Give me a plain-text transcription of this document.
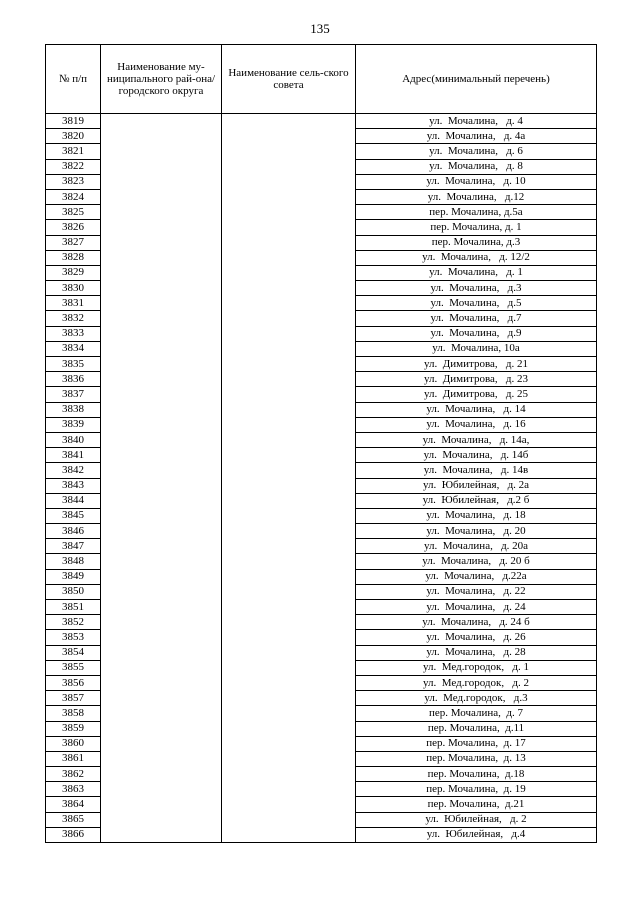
135
№ п/п	Наименование му-ниципального рай-она/ городского округа	Наименование сель-ского совета	Адрес(минимальный перечень)
3819			ул.  Мочалина,   д. 4
3820			ул.  Мочалина,   д. 4а
3821			ул.  Мочалина,   д. 6
3822			ул.  Мочалина,   д. 8
3823			ул.  Мочалина,   д. 10
3824			ул.  Мочалина,   д.12
3825			пер. Мочалина, д.5а
3826			пер. Мочалина, д. 1
3827			пер. Мочалина, д.3
3828			ул.  Мочалина,   д. 12/2
3829			ул.  Мочалина,   д. 1
3830			ул.  Мочалина,   д.3
3831			ул.  Мочалина,   д.5
3832			ул.  Мочалина,   д.7
3833			ул.  Мочалина,   д.9
3834			ул.  Мочалина, 10а
3835			ул.  Димитрова,   д. 21
3836			ул.  Димитрова,   д. 23
3837			ул.  Димитрова,   д. 25
3838			ул.  Мочалина,   д. 14
3839			ул.  Мочалина,   д. 16
3840			ул.  Мочалина,   д. 14а,
3841			ул.  Мочалина,   д. 14б
3842			ул.  Мочалина,   д. 14в
3843			ул.  Юбилейная,   д. 2а
3844			ул.  Юбилейная,   д.2 б
3845			ул.  Мочалина,   д. 18
3846			ул.  Мочалина,   д. 20
3847			ул.  Мочалина,   д. 20а
3848			ул.  Мочалина,   д. 20 б
3849			ул.  Мочалина,   д.22а
3850			ул.  Мочалина,   д. 22
3851			ул.  Мочалина,   д. 24
3852			ул.  Мочалина,   д. 24 б
3853			ул.  Мочалина,   д. 26
3854			ул.  Мочалина,   д. 28
3855			ул.  Мед.городок,   д. 1
3856			ул.  Мед.городок,   д. 2
3857			ул.  Мед.городок,   д.3
3858			пер. Мочалина,  д. 7
3859			пер. Мочалина,  д.11
3860			пер. Мочалина,  д. 17
3861			пер. Мочалина,  д. 13
3862			пер. Мочалина,  д.18
3863			пер. Мочалина,  д. 19
3864			пер. Мочалина,  д.21
3865			ул.  Юбилейная,   д. 2
3866			ул.  Юбилейная,   д.4
